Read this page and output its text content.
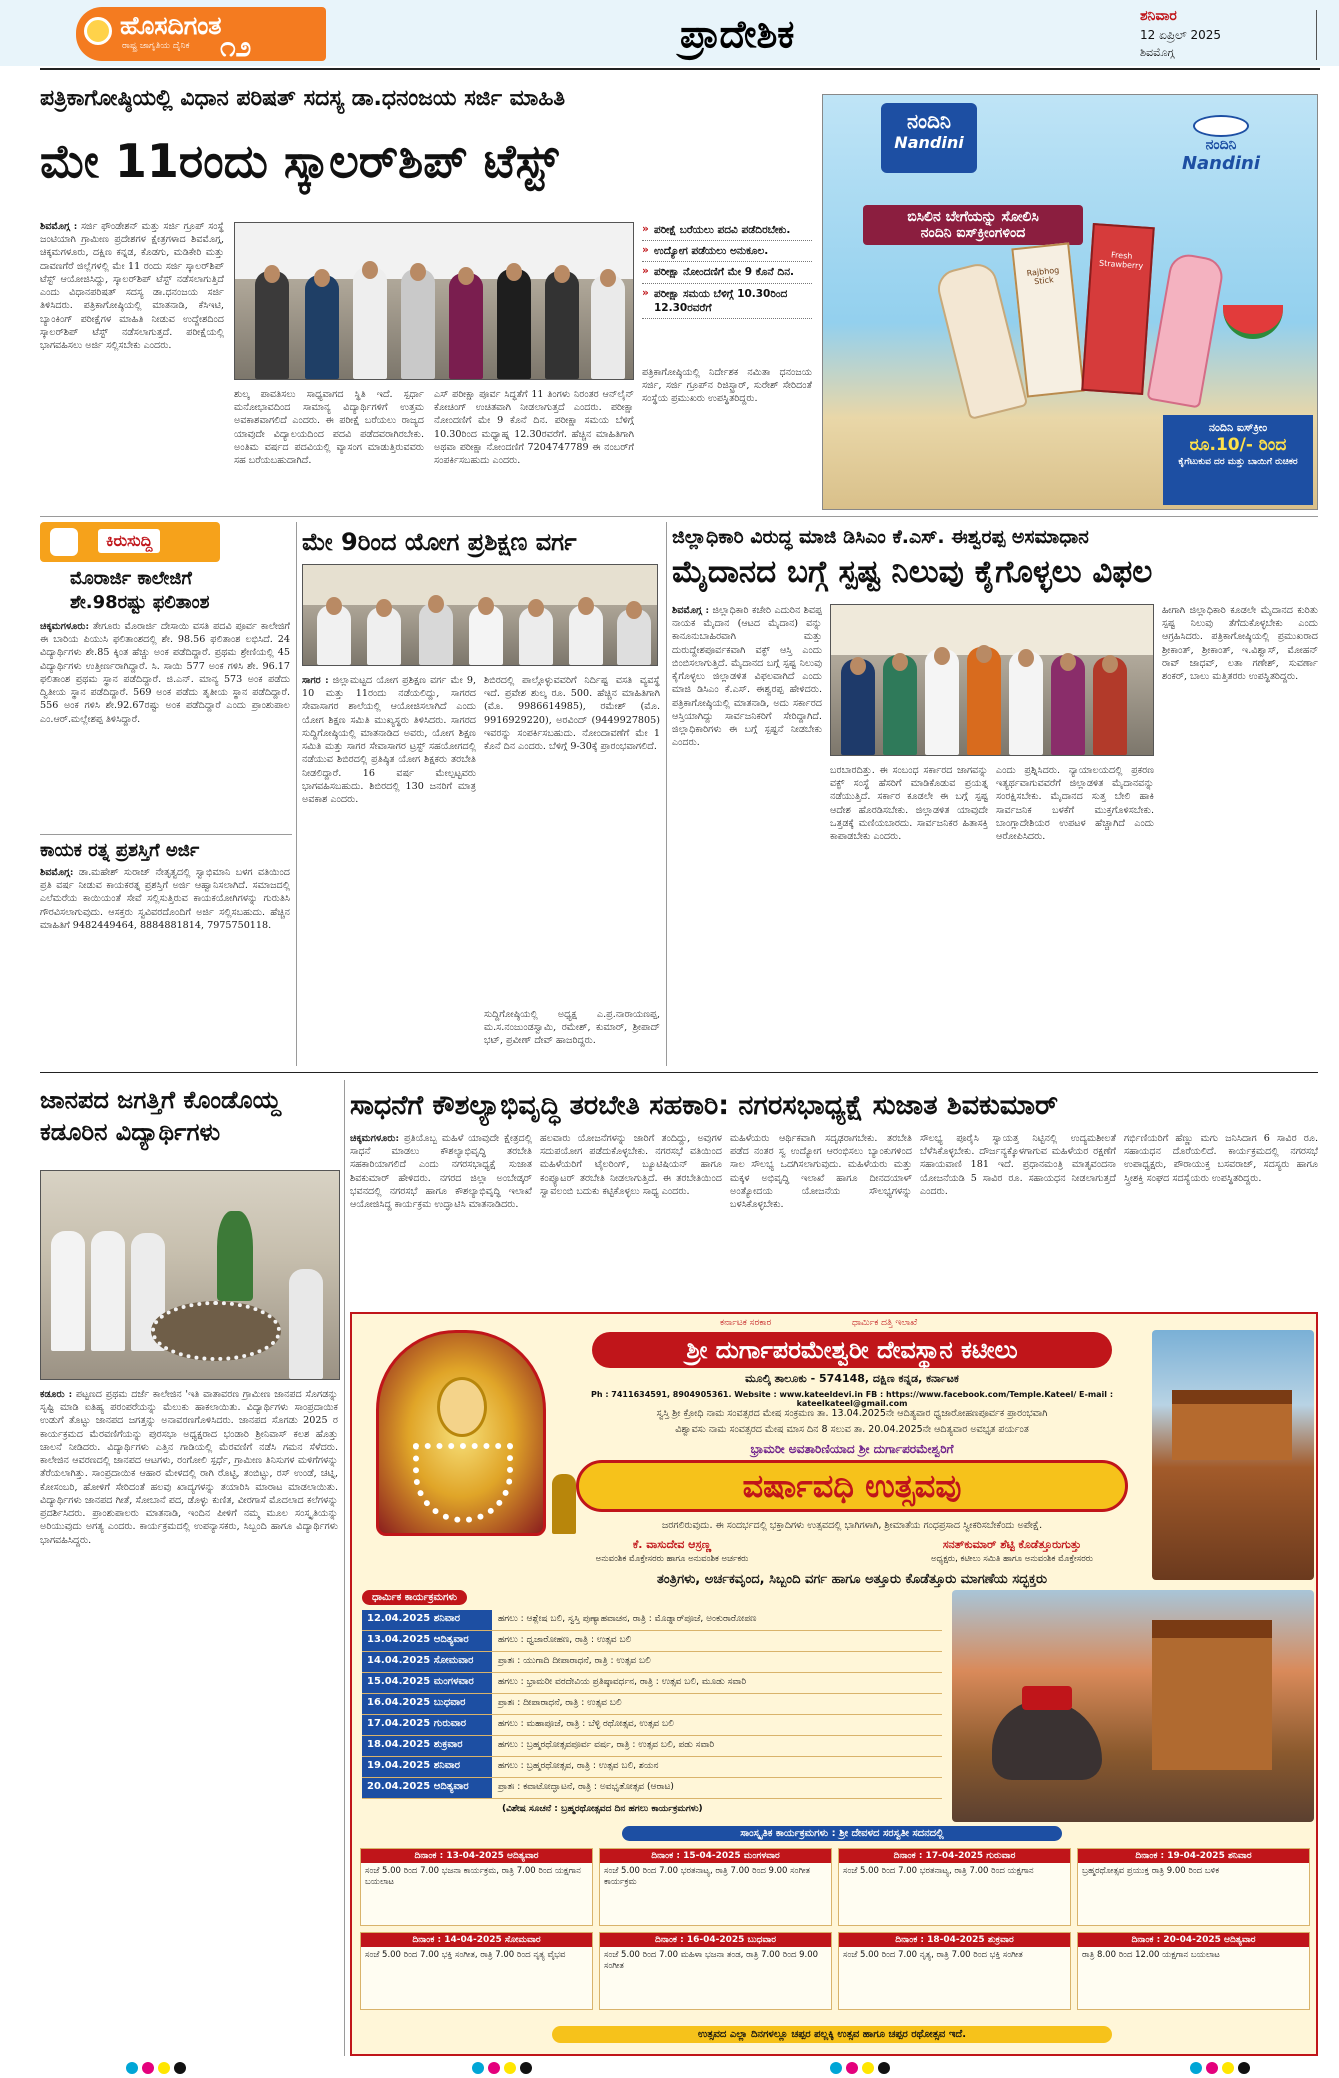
ಹೊಸದಿಗಂತ
ರಾಷ್ಟ್ರ ಜಾಗೃತಿಯ ದೈನಿಕ ೧೨	ಪ್ರಾದೇಶಿಕ	ಶನಿವಾರ
12 ಏಪ್ರಿಲ್ 2025
ಶಿವಮೊಗ್ಗ
ಪತ್ರಿಕಾಗೋಷ್ಠಿಯಲ್ಲಿ ವಿಧಾನ ಪರಿಷತ್ ಸದಸ್ಯ ಡಾ.ಧನಂಜಯ ಸರ್ಜಿ ಮಾಹಿತಿ
ಮೇ 11ರಂದು ಸ್ಕಾಲರ್‌ಶಿಪ್ ಟೆಸ್ಟ್

ಶಿವಮೊಗ್ಗ : ಸರ್ಜಿ ಫೌಂಡೇಶನ್ ಮತ್ತು ಸರ್ಜಿ ಗ್ರೂಪ್ ಸಂಸ್ಥೆ ಜಂಟಿಯಾಗಿ ಗ್ರಾಮೀಣ ಪ್ರದೇಶಗಳ ಕ್ಷೇತ್ರಗಳಾದ ಶಿವಮೊಗ್ಗ, ಚಿಕ್ಕಮಗಳೂರು, ದಕ್ಷಿಣ ಕನ್ನಡ, ಕೊಡಗು, ಮಡಿಕೇರಿ ಮತ್ತು ದಾವಣಗೆರೆ ಜಿಲ್ಲೆಗಳಲ್ಲಿ ಮೇ 11 ರಂದು ಸರ್ಜಿ ಸ್ಕಾಲರ್‌ಶಿಪ್ ಟೆಸ್ಟ್ ಆಯೋಜಿಸಿದ್ದು, ಸ್ಕಾಲರ್‌ಶಿಪ್ ಟೆಸ್ಟ್ ನಡೆಸಲಾಗುತ್ತಿದೆ ಎಂದು ವಿಧಾನಪರಿಷತ್ ಸದಸ್ಯ ಡಾ.ಧನಂಜಯ ಸರ್ಜಿ ತಿಳಿಸಿದರು. ಪತ್ರಿಕಾಗೋಷ್ಠಿಯಲ್ಲಿ ಮಾತನಾಡಿ, ಕೆಸಿಇಟಿ, ಬ್ಯಾಂಕಿಂಗ್ ಪರೀಕ್ಷೆಗಳ ಮಾಹಿತಿ ನೀಡುವ ಉದ್ದೇಶದಿಂದ ಸ್ಕಾಲರ್‌ಶಿಪ್ ಟೆಸ್ಟ್ ನಡೆಸಲಾಗುತ್ತದೆ. ಪರೀಕ್ಷೆಯಲ್ಲಿ ಭಾಗವಹಿಸಲು ಅರ್ಜಿ ಸಲ್ಲಿಸಬೇಕು ಎಂದರು.

ಶುಲ್ಕ ಪಾವತಿಸಲು ಸಾಧ್ಯವಾಗದ ಸ್ಥಿತಿ ಇದೆ. ಸ್ಪರ್ಧಾ ಮನೋಭಾವದಿಂದ ಸಾಮಾನ್ಯ ವಿದ್ಯಾರ್ಥಿಗಳಿಗೆ ಉತ್ತಮ ಅವಕಾಶವಾಗಲಿದೆ ಎಂದರು. ಈ ಪರೀಕ್ಷೆ ಬರೆಯಲು ರಾಜ್ಯದ ಯಾವುದೇ ವಿದ್ಯಾಲಯದಿಂದ ಪದವಿ ಪಡೆದವರಾಗಿರಬೇಕು. ಅಂತಿಮ ವರ್ಷದ ಪದವಿಯಲ್ಲಿ ವ್ಯಾಸಂಗ ಮಾಡುತ್ತಿರುವವರು ಸಹ ಬರೆಯಬಹುದಾಗಿದೆ.
ಎಸ್ ಪರೀಕ್ಷಾ ಪೂರ್ವ ಸಿದ್ಧತೆಗೆ 11 ತಿಂಗಳು ನಿರಂತರ ಆನ್‌ಲೈನ್ ಕೋಚಿಂಗ್ ಉಚಿತವಾಗಿ ನೀಡಲಾಗುತ್ತದೆ ಎಂದರು. ಪರೀಕ್ಷಾ ನೋಂದಣಿಗೆ ಮೇ 9 ಕೊನೆ ದಿನ. ಪರೀಕ್ಷಾ ಸಮಯ ಬೆಳಿಗ್ಗೆ 10.30ರಿಂದ ಮಧ್ಯಾಹ್ನ 12.30ರವರೆಗೆ. ಹೆಚ್ಚಿನ ಮಾಹಿತಿಗಾಗಿ ಅಥವಾ ಪರೀಕ್ಷಾ ನೋಂದಣಿಗೆ 7204747789 ಈ ನಂಬರ್‌ಗೆ ಸಂಪರ್ಕಿಸಬಹುದು ಎಂದರು.
» ಪರೀಕ್ಷೆ ಬರೆಯಲು ಪದವಿ ಪಡೆದಿರಬೇಕು.
» ಉದ್ಯೋಗ ಪಡೆಯಲು ಅನುಕೂಲ.
» ಪರೀಕ್ಷಾ ನೋಂದಣಿಗೆ ಮೇ 9 ಕೊನೆ ದಿನ.
» ಪರೀಕ್ಷಾ ಸಮಯ ಬೆಳಿಗ್ಗೆ 10.30ರಿಂದ 12.30ರವರೆಗೆ
ಪತ್ರಿಕಾಗೋಷ್ಠಿಯಲ್ಲಿ ನಿರ್ದೇಶಕ ನಮಿತಾ ಧನಂಜಯ ಸರ್ಜಿ, ಸರ್ಜಿ ಗ್ರೂಪ್‌ನ ರಿಜಿಸ್ಟ್ರಾರ್, ಸುರೇಶ್ ಸೇರಿದಂತೆ ಸಂಸ್ಥೆಯ ಪ್ರಮುಖರು ಉಪಸ್ಥಿತರಿದ್ದರು.
ನಂದಿನಿ
Nandini	ನಂದಿನಿ
Nandini
ಬಿಸಿಲಿನ ಬೇಗೆಯನ್ನು ಸೋಲಿಸಿ
ನಂದಿನಿ ಐಸ್‌ಕ್ರೀಂಗಳಿಂದ
Rajbhog Stick
Fresh Strawberry
ನಂದಿನಿ ಐಸ್‌ಕ್ರೀಂ
ರೂ.10/- ರಿಂದ
ಕೈಗೆಟುಕುವ ದರ ಮತ್ತು ಬಾಯಿಗೆ ರುಚಿಕರ
ಕಿರುಸುದ್ದಿ
ಮೊರಾರ್ಜಿ ಕಾಲೇಜಿಗೆ
ಶೇ.98ರಷ್ಟು ಫಲಿತಾಂಶ

ಚಿಕ್ಕಮಗಳೂರು: ತೇಗೂರು ಮೊರಾರ್ಜಿ ದೇಸಾಯಿ ವಸತಿ ಪದವಿ ಪೂರ್ವ ಕಾಲೇಜಿಗೆ ಈ ಬಾರಿಯ ಪಿಯುಸಿ ಫಲಿತಾಂಶದಲ್ಲಿ ಶೇ. 98.56 ಫಲಿತಾಂಶ ಲಭಿಸಿದೆ. 24 ವಿದ್ಯಾರ್ಥಿಗಳು ಶೇ.85 ಕ್ಕಿಂತ ಹೆಚ್ಚು ಅಂಕ ಪಡೆದಿದ್ದಾರೆ. ಪ್ರಥಮ ಶ್ರೇಣಿಯಲ್ಲಿ 45 ವಿದ್ಯಾರ್ಥಿಗಳು ಉತ್ತೀರ್ಣರಾಗಿದ್ದಾರೆ. ಸಿ. ಸಾಯಿ 577 ಅಂಕ ಗಳಿಸಿ ಶೇ. 96.17 ಫಲಿತಾಂಶ ಪ್ರಥಮ ಸ್ಥಾನ ಪಡೆದಿದ್ದಾರೆ. ಜಿ.ಎನ್. ಮಾನ್ಯ 573 ಅಂಕ ಪಡೆದು ದ್ವಿತೀಯ ಸ್ಥಾನ ಪಡೆದಿದ್ದಾರೆ. 569 ಅಂಕ ಪಡೆದು ತೃತೀಯ ಸ್ಥಾನ ಪಡೆದಿದ್ದಾರೆ. 556 ಅಂಕ ಗಳಿಸಿ ಶೇ.92.67ರಷ್ಟು ಅಂಕ ಪಡೆದಿದ್ದಾರೆ ಎಂದು ಪ್ರಾಂಶುಪಾಲ ಎಂ.ಆರ್.ಮಲ್ಲೇಶಪ್ಪ ತಿಳಿಸಿದ್ದಾರೆ.

ಕಾಯಕ ರತ್ನ ಪ್ರಶಸ್ತಿಗೆ ಅರ್ಜಿ

ಶಿವಮೊಗ್ಗ: ಡಾ.ಮಹೇಶ್ ಸುರಾಜ್ ನೇತೃತ್ವದಲ್ಲಿ ಸ್ವಾಭಿಮಾನಿ ಬಳಗ ವತಿಯಿಂದ ಪ್ರತಿ ವರ್ಷ ನೀಡುವ ಕಾಯಕರತ್ನ ಪ್ರಶಸ್ತಿಗೆ ಅರ್ಜಿ ಆಹ್ವಾನಿಸಲಾಗಿದೆ. ಸಮಾಜದಲ್ಲಿ ಎಲೆಮರೆಯ ಕಾಯಿಯಂತೆ ಸೇವೆ ಸಲ್ಲಿಸುತ್ತಿರುವ ಕಾಯಕಯೋಗಿಗಳನ್ನು ಗುರುತಿಸಿ ಗೌರವಿಸಲಾಗುವುದು. ಆಸಕ್ತರು ಸ್ವವಿವರದೊಂದಿಗೆ ಅರ್ಜಿ ಸಲ್ಲಿಸಬಹುದು. ಹೆಚ್ಚಿನ ಮಾಹಿತಿಗೆ 9482449464, 8884881814, 7975750118.

ಮೇ 9ರಿಂದ ಯೋಗ ಪ್ರಶಿಕ್ಷಣ ವರ್ಗ

ಸಾಗರ : ಜಿಲ್ಲಾಮಟ್ಟದ ಯೋಗ ಪ್ರಶಿಕ್ಷಣ ವರ್ಗ ಮೇ 9, 10 ಮತ್ತು 11ರಂದು ನಡೆಯಲಿದ್ದು, ಸಾಗರದ ಸೇವಾಸಾಗರ ಶಾಲೆಯಲ್ಲಿ ಆಯೋಜಿಸಲಾಗಿದೆ ಎಂದು ಯೋಗ ಶಿಕ್ಷಣ ಸಮಿತಿ ಮುಖ್ಯಸ್ಥರು ತಿಳಿಸಿದರು. ಸಾಗರದ ಸುದ್ದಿಗೋಷ್ಠಿಯಲ್ಲಿ ಮಾತನಾಡಿದ ಅವರು, ಯೋಗ ಶಿಕ್ಷಣ ಸಮಿತಿ ಮತ್ತು ಸಾಗರ ಸೇವಾಸಾಗರ ಟ್ರಸ್ಟ್ ಸಹಯೋಗದಲ್ಲಿ ನಡೆಯುವ ಶಿಬಿರದಲ್ಲಿ ಪ್ರತಿಷ್ಠಿತ ಯೋಗ ಶಿಕ್ಷಕರು ತರಬೇತಿ ನೀಡಲಿದ್ದಾರೆ. 16 ವರ್ಷ ಮೇಲ್ಪಟ್ಟವರು ಭಾಗವಹಿಸಬಹುದು. ಶಿಬಿರದಲ್ಲಿ 130 ಜನರಿಗೆ ಮಾತ್ರ ಅವಕಾಶ ಎಂದರು.

ಶಿಬಿರದಲ್ಲಿ ಪಾಲ್ಗೊಳ್ಳುವವರಿಗೆ ನಿರ್ದಿಷ್ಟ ವಸತಿ ವ್ಯವಸ್ಥೆ ಇದೆ. ಪ್ರವೇಶ ಶುಲ್ಕ ರೂ. 500. ಹೆಚ್ಚಿನ ಮಾಹಿತಿಗಾಗಿ (ಮೊ. 9986614985), ರಮೇಶ್ (ಮೊ. 9916929220), ಅರವಿಂದ್ (9449927805) ಇವರನ್ನು ಸಂಪರ್ಕಿಸಬಹುದು. ನೋಂದಾವಣೆಗೆ ಮೇ 1 ಕೊನೆ ದಿನ ಎಂದರು. ಬೆಳಿಗ್ಗೆ 9-30ಕ್ಕೆ ಪ್ರಾರಂಭವಾಗಲಿದೆ.
ಸುದ್ದಿಗೋಷ್ಠಿಯಲ್ಲಿ ಅಧ್ಯಕ್ಷ ಎ.ಪ್ರ.ನಾರಾಯಣಪ್ಪ, ಮ.ಸ.ನಂಜುಂಡಸ್ವಾಮಿ, ರಮೇಶ್, ಕುಮಾರ್, ಶ್ರೀಪಾದ್ ಭಟ್, ಪ್ರವೀಣ್ ದೇವ್ ಹಾಜರಿದ್ದರು.
ಜಿಲ್ಲಾಧಿಕಾರಿ ವಿರುದ್ಧ ಮಾಜಿ ಡಿಸಿಎಂ ಕೆ.ಎಸ್. ಈಶ್ವರಪ್ಪ ಅಸಮಾಧಾನ
ಮೈದಾನದ ಬಗ್ಗೆ ಸ್ಪಷ್ಟ ನಿಲುವು ಕೈಗೊಳ್ಳಲು ವಿಫಲ

ಶಿವಮೊಗ್ಗ : ಜಿಲ್ಲಾಧಿಕಾರಿ ಕಚೇರಿ ಎದುರಿನ ಶಿವಪ್ಪ ನಾಯಕ ಮೈದಾನ (ಆಟದ ಮೈದಾನ) ವನ್ನು ಕಾನೂನುಬಾಹಿರವಾಗಿ ಮತ್ತು ದುರುದ್ದೇಶಪೂರ್ವಕವಾಗಿ ವಕ್ಫ್ ಆಸ್ತಿ ಎಂದು ಬಿಂಬಿಸಲಾಗುತ್ತಿದೆ. ಮೈದಾನದ ಬಗ್ಗೆ ಸ್ಪಷ್ಟ ನಿಲುವು ಕೈಗೊಳ್ಳಲು ಜಿಲ್ಲಾಡಳಿತ ವಿಫಲವಾಗಿದೆ ಎಂದು ಮಾಜಿ ಡಿಸಿಎಂ ಕೆ.ಎಸ್. ಈಶ್ವರಪ್ಪ ಹೇಳಿದರು. ಪತ್ರಿಕಾಗೋಷ್ಠಿಯಲ್ಲಿ ಮಾತನಾಡಿ, ಅದು ಸರ್ಕಾರದ ಆಸ್ತಿಯಾಗಿದ್ದು ಸಾರ್ವಜನಿಕರಿಗೆ ಸೇರಿದ್ದಾಗಿದೆ. ಜಿಲ್ಲಾಧಿಕಾರಿಗಳು ಈ ಬಗ್ಗೆ ಸ್ಪಷ್ಟನೆ ನೀಡಬೇಕು ಎಂದರು.

ಬರಬಾರದಿತ್ತು. ಈ ಸಂಬಂಧ ಸರ್ಕಾರದ ಜಾಗವನ್ನು ವಕ್ಫ್ ಸಂಸ್ಥೆ ಹೆಸರಿಗೆ ಮಾಡಿಕೊಡುವ ಪ್ರಯತ್ನ ನಡೆಯುತ್ತಿದೆ. ಸರ್ಕಾರ ಕೂಡಲೇ ಈ ಬಗ್ಗೆ ಸ್ಪಷ್ಟ ಆದೇಶ ಹೊರಡಿಸಬೇಕು. ಜಿಲ್ಲಾಡಳಿತ ಯಾವುದೇ ಒತ್ತಡಕ್ಕೆ ಮಣಿಯಬಾರದು. ಸಾರ್ವಜನಿಕರ ಹಿತಾಸಕ್ತಿ ಕಾಪಾಡಬೇಕು ಎಂದರು.
ಎಂದು ಪ್ರಶ್ನಿಸಿದರು. ನ್ಯಾಯಾಲಯದಲ್ಲಿ ಪ್ರಕರಣ ಇತ್ಯರ್ಥವಾಗುವವರೆಗೆ ಜಿಲ್ಲಾಡಳಿತ ಮೈದಾನವನ್ನು ಸಂರಕ್ಷಿಸಬೇಕು. ಮೈದಾನದ ಸುತ್ತ ಬೇಲಿ ಹಾಕಿ ಸಾರ್ವಜನಿಕ ಬಳಕೆಗೆ ಮುಕ್ತಗೊಳಿಸಬೇಕು. ಬಾಂಗ್ಲಾದೇಶಿಯರ ಉಪಟಳ ಹೆಚ್ಚಾಗಿದೆ ಎಂದು ಆರೋಪಿಸಿದರು.
ಹೀಗಾಗಿ ಜಿಲ್ಲಾಧಿಕಾರಿ ಕೂಡಲೇ ಮೈದಾನದ ಕುರಿತು ಸ್ಪಷ್ಟ ನಿಲುವು ತೆಗೆದುಕೊಳ್ಳಬೇಕು ಎಂದು ಆಗ್ರಹಿಸಿದರು. ಪತ್ರಿಕಾಗೋಷ್ಠಿಯಲ್ಲಿ ಪ್ರಮುಖರಾದ ಶ್ರೀಕಾಂತ್, ಶ್ರೀಕಾಂತ್, ಇ.ವಿಶ್ವಾಸ್, ಮೋಹನ್ ರಾವ್ ಜಾಧವ್, ಲತಾ ಗಣೇಶ್, ಸುವರ್ಣಾ ಶಂಕರ್, ಬಾಲು ಮತ್ತಿತರರು ಉಪಸ್ಥಿತರಿದ್ದರು.
ಜಾನಪದ ಜಗತ್ತಿಗೆ ಕೊಂಡೊಯ್ದ
ಕಡೂರಿನ ವಿದ್ಯಾರ್ಥಿಗಳು

ಕಡೂರು : ಪಟ್ಟಣದ ಪ್ರಥಮ ದರ್ಜೆ ಕಾಲೇಜಿನ 'ಇತಿ ವಾತಾವರಣ ಗ್ರಾಮೀಣ ಜಾನಪದ ಸೊಗಡನ್ನು ಸೃಷ್ಟಿ ಮಾಡಿ ಐತಿಹ್ಯ ಪರಂಪರೆಯನ್ನು ಮೆಲುಕು ಹಾಕಲಾಯಿತು. ವಿದ್ಯಾರ್ಥಿಗಳು ಸಾಂಪ್ರದಾಯಿಕ ಉಡುಗೆ ತೊಟ್ಟು ಜಾನಪದ ಜಗತ್ತನ್ನು ಅನಾವರಣಗೊಳಿಸಿದರು. ಜಾನಪದ ಸೊಗಡು 2025 ರ ಕಾರ್ಯಕ್ರಮದ ಮೆರವಣಿಗೆಯನ್ನು ಪುರಸಭಾ ಅಧ್ಯಕ್ಷರಾದ ಭಂಡಾರಿ ಶ್ರೀನಿವಾಸ್ ಕಲಶ ಹೊತ್ತು ಚಾಲನೆ ನೀಡಿದರು. ವಿದ್ಯಾರ್ಥಿಗಳು ಎತ್ತಿನ ಗಾಡಿಯಲ್ಲಿ ಮೆರವಣಿಗೆ ನಡೆಸಿ ಗಮನ ಸೆಳೆದರು. ಕಾಲೇಜಿನ ಆವರಣದಲ್ಲಿ ಜಾನಪದ ಆಟಗಳು, ರಂಗೋಲಿ ಸ್ಪರ್ಧೆ, ಗ್ರಾಮೀಣ ತಿನಿಸುಗಳ ಮಳಿಗೆಗಳನ್ನು ತೆರೆಯಲಾಗಿತ್ತು. ಸಾಂಪ್ರದಾಯಿಕ ಆಹಾರ ಮೇಳದಲ್ಲಿ ರಾಗಿ ರೊಟ್ಟಿ, ತಂಬಿಟ್ಟು, ರಸ್ ಉಂಡೆ, ಚಟ್ನಿ, ಕೋಸಂಬರಿ, ಹೋಳಿಗೆ ಸೇರಿದಂತೆ ಹಲವು ಖಾದ್ಯಗಳನ್ನು ತಯಾರಿಸಿ ಮಾರಾಟ ಮಾಡಲಾಯಿತು. ವಿದ್ಯಾರ್ಥಿಗಳು ಜಾನಪದ ಗೀತೆ, ಸೋಬಾನೆ ಪದ, ಡೊಳ್ಳು ಕುಣಿತ, ವೀರಗಾಸೆ ಮೊದಲಾದ ಕಲೆಗಳನ್ನು ಪ್ರದರ್ಶಿಸಿದರು. ಪ್ರಾಂಶುಪಾಲರು ಮಾತನಾಡಿ, ಇಂದಿನ ಪೀಳಿಗೆ ನಮ್ಮ ಮೂಲ ಸಂಸ್ಕೃತಿಯನ್ನು ಅರಿಯುವುದು ಅಗತ್ಯ ಎಂದರು. ಕಾರ್ಯಕ್ರಮದಲ್ಲಿ ಉಪನ್ಯಾಸಕರು, ಸಿಬ್ಬಂದಿ ಹಾಗೂ ವಿದ್ಯಾರ್ಥಿಗಳು ಭಾಗವಹಿಸಿದ್ದರು.

ಸಾಧನೆಗೆ ಕೌಶಲ್ಯಾಭಿವೃದ್ಧಿ ತರಬೇತಿ ಸಹಕಾರಿ: ನಗರಸಭಾಧ್ಯಕ್ಷೆ ಸುಜಾತ ಶಿವಕುಮಾರ್

ಚಿಕ್ಕಮಗಳೂರು: ಪ್ರತಿಯೊಬ್ಬ ಮಹಿಳೆ ಯಾವುದೇ ಕ್ಷೇತ್ರದಲ್ಲಿ ಸಾಧನೆ ಮಾಡಲು ಕೌಶಲ್ಯಾಭಿವೃದ್ಧಿ ತರಬೇತಿ ಸಹಕಾರಿಯಾಗಲಿದೆ ಎಂದು ನಗರಸಭಾಧ್ಯಕ್ಷೆ ಸುಜಾತ ಶಿವಕುಮಾರ್ ಹೇಳಿದರು. ನಗರದ ಜಿಲ್ಲಾ ಅಂಬೇಡ್ಕರ್ ಭವನದಲ್ಲಿ ನಗರಸಭೆ ಹಾಗೂ ಕೌಶಲ್ಯಾಭಿವೃದ್ಧಿ ಇಲಾಖೆ ಆಯೋಜಿಸಿದ್ದ ಕಾರ್ಯಕ್ರಮ ಉದ್ಘಾಟಿಸಿ ಮಾತನಾಡಿದರು.

ಹಲವಾರು ಯೋಜನೆಗಳನ್ನು ಜಾರಿಗೆ ತಂದಿದ್ದು, ಅವುಗಳ ಸದುಪಯೋಗ ಪಡೆದುಕೊಳ್ಳಬೇಕು. ನಗರಸಭೆ ವತಿಯಿಂದ ಮಹಿಳೆಯರಿಗೆ ಟೈಲರಿಂಗ್, ಬ್ಯೂಟಿಷಿಯನ್ ಹಾಗೂ ಕಂಪ್ಯೂಟರ್ ತರಬೇತಿ ನೀಡಲಾಗುತ್ತಿದೆ. ಈ ತರಬೇತಿಯಿಂದ ಸ್ವಾವಲಂಬಿ ಬದುಕು ಕಟ್ಟಿಕೊಳ್ಳಲು ಸಾಧ್ಯ ಎಂದರು.
ಮಹಿಳೆಯರು ಆರ್ಥಿಕವಾಗಿ ಸದೃಢರಾಗಬೇಕು. ತರಬೇತಿ ಪಡೆದ ನಂತರ ಸ್ವ ಉದ್ಯೋಗ ಆರಂಭಿಸಲು ಬ್ಯಾಂಕುಗಳಿಂದ ಸಾಲ ಸೌಲಭ್ಯ ಒದಗಿಸಲಾಗುವುದು. ಮಹಿಳೆಯರು ಮತ್ತು ಮಕ್ಕಳ ಅಭಿವೃದ್ಧಿ ಇಲಾಖೆ ಹಾಗೂ ದೀನದಯಾಳ್ ಅಂತ್ಯೋದಯ ಯೋಜನೆಯ ಸೌಲಭ್ಯಗಳನ್ನು ಬಳಸಿಕೊಳ್ಳಬೇಕು.
ಸೌಲಭ್ಯ ಪೂರೈಸಿ ಸ್ವಾಯತ್ತ ನಿಟ್ಟಿನಲ್ಲಿ ಉದ್ಯಮಶೀಲತೆ ಬೆಳೆಸಿಕೊಳ್ಳಬೇಕು. ದೌರ್ಜನ್ಯಕ್ಕೊಳಗಾಗುವ ಮಹಿಳೆಯರ ರಕ್ಷಣೆಗೆ ಸಹಾಯವಾಣಿ 181 ಇದೆ. ಪ್ರಧಾನಮಂತ್ರಿ ಮಾತೃವಂದನಾ ಯೋಜನೆಯಡಿ 5 ಸಾವಿರ ರೂ. ಸಹಾಯಧನ ನೀಡಲಾಗುತ್ತದೆ ಎಂದರು.
ಗರ್ಭಿಣಿಯರಿಗೆ ಹೆಣ್ಣು ಮಗು ಜನಿಸಿದಾಗ 6 ಸಾವಿರ ರೂ. ಸಹಾಯಧನ ದೊರೆಯಲಿದೆ. ಕಾರ್ಯಕ್ರಮದಲ್ಲಿ ನಗರಸಭೆ ಉಪಾಧ್ಯಕ್ಷರು, ಪೌರಾಯುಕ್ತ ಬಸವರಾಜ್, ಸದಸ್ಯರು ಹಾಗೂ ಸ್ತ್ರೀಶಕ್ತಿ ಸಂಘದ ಸದಸ್ಯೆಯರು ಉಪಸ್ಥಿತರಿದ್ದರು.
ಕರ್ನಾಟಕ ಸರಕಾರ	ಧಾರ್ಮಿಕ ದತ್ತಿ ಇಲಾಖೆ
ಶ್ರೀ ದುರ್ಗಾಪರಮೇಶ್ವರೀ ದೇವಸ್ಥಾನ ಕಟೀಲು
ಮೂಲ್ಕಿ ತಾಲೂಕು - 574148, ದಕ್ಷಿಣ ಕನ್ನಡ, ಕರ್ನಾಟಕ
Ph : 7411634591, 8904905361. Website : www.kateeldevi.in FB : https://www.facebook.com/Temple.Kateel/ E-mail : kateelkateel@gmail.com
ಸ್ವಸ್ತಿ ಶ್ರೀ ಕ್ರೋಧಿ ನಾಮ ಸಂವತ್ಸರದ ಮೇಷ ಸಂಕ್ರಮಣ ತಾ. 13.04.2025ನೇ ಆದಿತ್ಯವಾರ ಧ್ವಜಾರೋಹಣಪೂರ್ವಕ ಪ್ರಾರಂಭವಾಗಿ
ವಿಶ್ವಾವಸು ನಾಮ ಸಂವತ್ಸರದ ಮೇಷ ಮಾಸ ದಿನ 8 ಸಲುವ ತಾ. 20.04.2025ನೇ ಆದಿತ್ಯವಾರ ಅವಭೃತ ಪರ್ಯಂತ
ಭ್ರಾಮರೀ ಅವತಾರಿಣಿಯಾದ ಶ್ರೀ ದುರ್ಗಾಪರಮೇಶ್ವರಿಗೆ
ವರ್ಷಾವಧಿ ಉತ್ಸವವು
ಜರಗಲಿರುವುದು. ಈ ಸಂದರ್ಭದಲ್ಲಿ ಭಕ್ತಾದಿಗಳು ಉತ್ಸವದಲ್ಲಿ ಭಾಗಿಗಳಾಗಿ, ಶ್ರೀಮಾತೆಯ ಗಂಧಪ್ರಸಾದ ಸ್ವೀಕರಿಸಬೇಕೆಂದು ಅಪೇಕ್ಷೆ.
ಕೆ. ವಾಸುದೇವ ಆಸ್ರಣ್ಣ
ಅನುವಂಶಿಕ ಮೊಕ್ತೇಸರರು ಹಾಗೂ ಅನುವಂಶಿಕ ಅರ್ಚಕರು
ಸನತ್‌ಕುಮಾರ್ ಶೆಟ್ಟಿ ಕೊಡೆತ್ತೂರುಗುತ್ತು
ಅಧ್ಯಕ್ಷರು, ಕಟೀಲು ಸಮಿತಿ ಹಾಗೂ ಅನುವಂಶಿಕ ಮೊಕ್ತೇಸರರು
ತಂತ್ರಿಗಳು, ಅರ್ಚಕವೃಂದ, ಸಿಬ್ಬಂದಿ ವರ್ಗ ಹಾಗೂ ಅತ್ತೂರು ಕೊಡೆತ್ತೂರು ಮಾಗಣೆಯ ಸದ್ಭಕ್ತರು
ಧಾರ್ಮಿಕ ಕಾರ್ಯಕ್ರಮಗಳು
12.04.2025 ಶನಿವಾರ	ಹಗಲು : ಆಶ್ಲೇಷ ಬಲಿ, ಸ್ವಸ್ತಿ ಪುಣ್ಯಾಹವಾಚನ, ರಾತ್ರಿ : ಮೊಡ್ನಾರ್‌ಪೂಜೆ, ಅಂಕುರಾರೋಪಣ
13.04.2025 ಆದಿತ್ಯವಾರ	ಹಗಲು : ಧ್ವಜಾರೋಹಣ, ರಾತ್ರಿ : ಉತ್ಸವ ಬಲಿ
14.04.2025 ಸೋಮವಾರ	ಪ್ರಾತಃ : ಯುಗಾದಿ ದೀಪಾರಾಧನೆ, ರಾತ್ರಿ : ಉತ್ಸವ ಬಲಿ
15.04.2025 ಮಂಗಳವಾರ	ಹಗಲು : ಭ್ರಾಮರೀ ವರದೇವಿಯ ಪ್ರತಿಷ್ಠಾವರ್ಧನ, ರಾತ್ರಿ : ಉತ್ಸವ ಬಲಿ, ಮೂಡು ಸವಾರಿ
16.04.2025 ಬುಧವಾರ	ಪ್ರಾತಃ : ದೀಪಾರಾಧನೆ, ರಾತ್ರಿ : ಉತ್ಸವ ಬಲಿ
17.04.2025 ಗುರುವಾರ	ಹಗಲು : ಮಹಾಪೂಜೆ, ರಾತ್ರಿ : ಬೆಳ್ಳಿ ರಥೋತ್ಸವ, ಉತ್ಸವ ಬಲಿ
18.04.2025 ಶುಕ್ರವಾರ	ಹಗಲು : ಬ್ರಹ್ಮರಥೋತ್ಸವಪೂರ್ವ ವರ್ಷ, ರಾತ್ರಿ : ಉತ್ಸವ ಬಲಿ, ಪಡು ಸವಾರಿ
19.04.2025 ಶನಿವಾರ	ಹಗಲು : ಬ್ರಹ್ಮರಥೋತ್ಸವ, ರಾತ್ರಿ : ಉತ್ಸವ ಬಲಿ, ಶಯನ
20.04.2025 ಆದಿತ್ಯವಾರ	ಪ್ರಾತಃ : ಕವಾಟೋದ್ಘಾಟನೆ, ರಾತ್ರಿ : ಅವಭೃತೋತ್ಸವ (ಆರಾಟ)
(ವಿಶೇಷ ಸೂಚನೆ : ಬ್ರಹ್ಮರಥೋತ್ಸವದ ದಿನ ಹಗಲು ಕಾರ್ಯಕ್ರಮಗಳು)
ಸಾಂಸ್ಕೃತಿಕ ಕಾರ್ಯಕ್ರಮಗಳು : ಶ್ರೀ ದೇವಳದ ಸರಸ್ವತೀ ಸದನದಲ್ಲಿ
ದಿನಾಂಕ : 13-04-2025 ಆದಿತ್ಯವಾರ
ಸಂಜೆ 5.00 ರಿಂದ 7.00 ಭಜನಾ ಕಾರ್ಯಕ್ರಮ, ರಾತ್ರಿ 7.00 ರಿಂದ ಯಕ್ಷಗಾನ ಬಯಲಾಟ
ದಿನಾಂಕ : 15-04-2025 ಮಂಗಳವಾರ
ಸಂಜೆ 5.00 ರಿಂದ 7.00 ಭರತನಾಟ್ಯ, ರಾತ್ರಿ 7.00 ರಿಂದ 9.00 ಸಂಗೀತ ಕಾರ್ಯಕ್ರಮ
ದಿನಾಂಕ : 17-04-2025 ಗುರುವಾರ
ಸಂಜೆ 5.00 ರಿಂದ 7.00 ಭರತನಾಟ್ಯ, ರಾತ್ರಿ 7.00 ರಿಂದ ಯಕ್ಷಗಾನ
ದಿನಾಂಕ : 19-04-2025 ಶನಿವಾರ
ಬ್ರಹ್ಮರಥೋತ್ಸವ ಪ್ರಯುಕ್ತ ರಾತ್ರಿ 9.00 ರಿಂದ ಬಳಿಕ
ದಿನಾಂಕ : 14-04-2025 ಸೋಮವಾರ
ಸಂಜೆ 5.00 ರಿಂದ 7.00 ಭಕ್ತಿ ಸಂಗೀತ, ರಾತ್ರಿ 7.00 ರಿಂದ ನೃತ್ಯ ವೈಭವ
ದಿನಾಂಕ : 16-04-2025 ಬುಧವಾರ
ಸಂಜೆ 5.00 ರಿಂದ 7.00 ಮಹಿಳಾ ಭಜನಾ ತಂಡ, ರಾತ್ರಿ 7.00 ರಿಂದ 9.00 ಸಂಗೀತ
ದಿನಾಂಕ : 18-04-2025 ಶುಕ್ರವಾರ
ಸಂಜೆ 5.00 ರಿಂದ 7.00 ನೃತ್ಯ, ರಾತ್ರಿ 7.00 ರಿಂದ ಭಕ್ತಿ ಸಂಗೀತ
ದಿನಾಂಕ : 20-04-2025 ಆದಿತ್ಯವಾರ
ರಾತ್ರಿ 8.00 ರಿಂದ 12.00 ಯಕ್ಷಗಾನ ಬಯಲಾಟ
ಉತ್ಸವದ ಎಲ್ಲಾ ದಿನಗಳಲ್ಲೂ ಚಪ್ಪರ ಪಲ್ಲಕ್ಕಿ ಉತ್ಸವ ಹಾಗೂ ಚಪ್ಪರ ರಥೋತ್ಸವ ಇದೆ.
